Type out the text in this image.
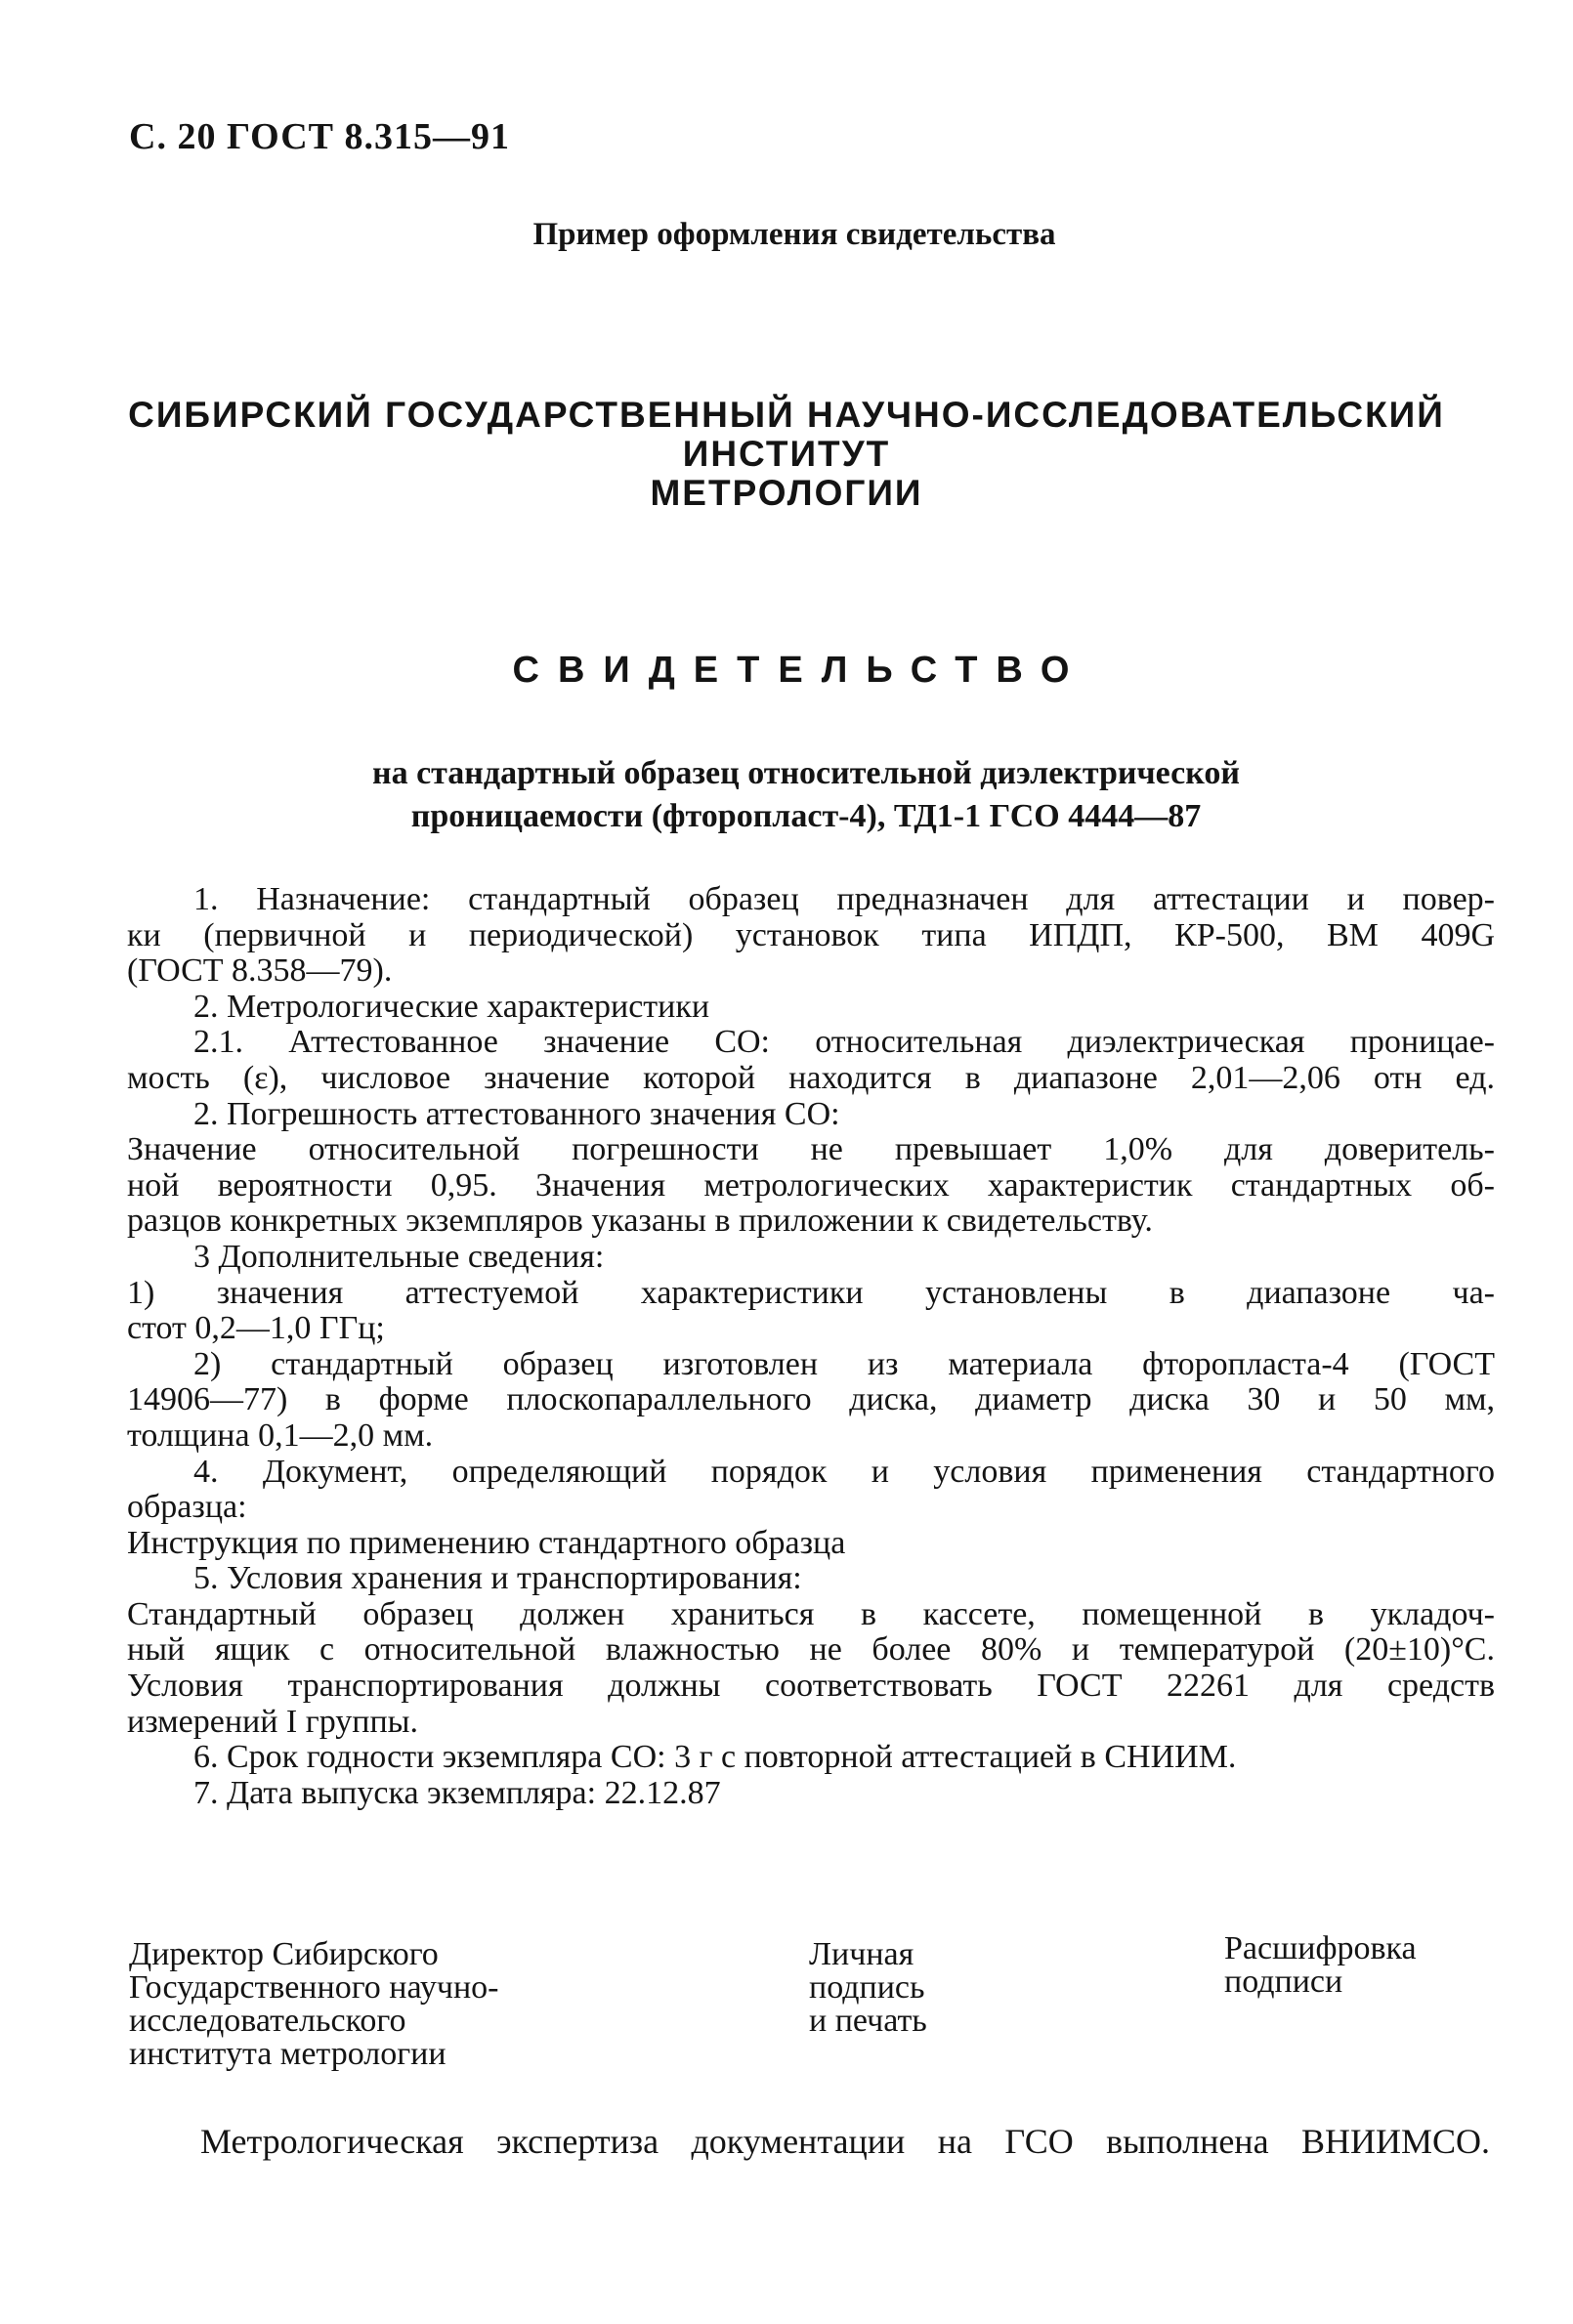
С. 20 ГОСТ 8.315—91
Пример оформления свидетельства
СИБИРСКИЙ ГОСУДАРСТВЕННЫЙ НАУЧНО-ИССЛЕДОВАТЕЛЬСКИЙ
ИНСТИТУТ
МЕТРОЛОГИИ
СВИДЕТЕЛЬСТВО
на стандартный образец относительной диэлектрической
проницаемости (фторопласт-4), ТД1-1 ГСО 4444—87
1. Назначение: стандартный образец предназначен для аттестации и повер-
ки (первичной и периодической) установок типа ИПДП, КР-500, ВМ 409G
(ГОСТ 8.358—79).
2. Метрологические характеристики
2.1. Аттестованное значение СО: относительная диэлектрическая проницае-
мость (ε), числовое значение которой находится в диапазоне 2,01—2,06 отн ед.
2. Погрешность аттестованного значения СО:
Значение относительной погрешности не превышает 1,0% для доверитель-
ной вероятности 0,95. Значения метрологических характеристик стандартных об-
разцов конкретных экземпляров указаны в приложении к свидетельству.
3 Дополнительные сведения:
1) значения аттестуемой характеристики установлены в диапазоне ча-
стот 0,2—1,0 ГГц;
2) стандартный образец изготовлен из материала фторопласта-4 (ГОСТ
14906—77) в форме плоскопараллельного диска, диаметр диска 30 и 50 мм,
толщина 0,1—2,0 мм.
4. Документ, определяющий порядок и условия применения стандартного
образца:
Инструкция по применению стандартного образца
5. Условия хранения и транспортирования:
Стандартный образец должен храниться в кассете, помещенной в укладоч-
ный ящик с относительной влажностью не более 80% и температурой (20±10)°С.
Условия транспортирования должны соответствовать ГОСТ 22261 для средств
измерений I группы.
6. Срок годности экземпляра СО: 3 г с повторной аттестацией в СНИИМ.
7. Дата выпуска экземпляра: 22.12.87
Директор Сибирского
Государственного научно-
исследовательского
института метрологии
Личная
подпись
и печать
Расшифровка
подписи
Метрологическая экспертиза документации на ГСО выполнена ВНИИМСО.
